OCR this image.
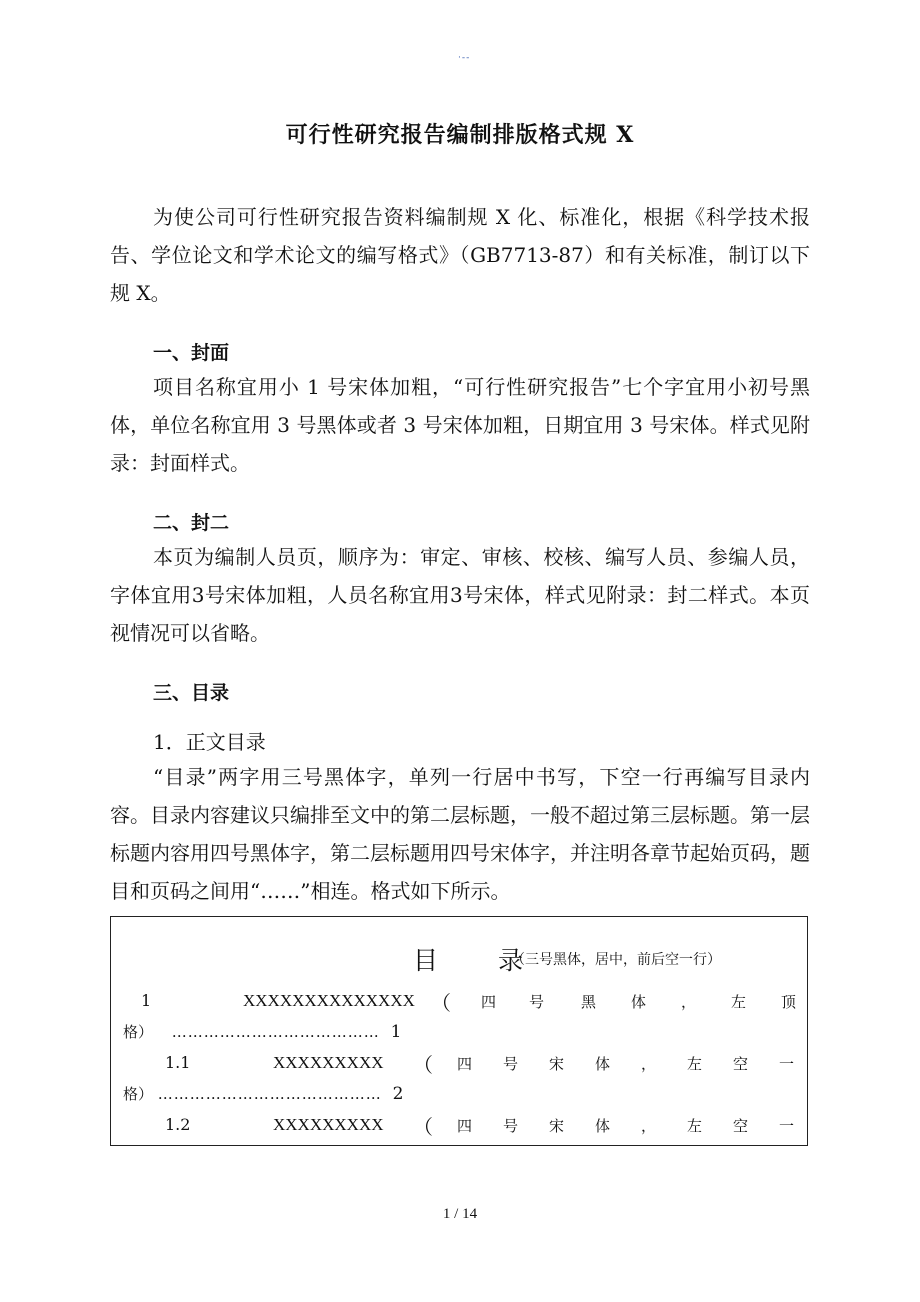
·--
可行性研究报告编制排版格式规 X

为使公司可行性研究报告资料编制规 X 化、标准化，根据《科学技术报告、学位论文和学术论文的编写格式》（GB7713-87）和有关标准，制订以下规 X。

一、封面

项目名称宜用小 1 号宋体加粗，“可行性研究报告”七个字宜用小初号黑体，单位名称宜用 3 号黑体或者 3 号宋体加粗，日期宜用 3 号宋体。样式见附录：封面样式。

二、封二

本页为编制人员页，顺序为：审定、审核、校核、编写人员、参编人员，字体宜用3号宋体加粗，人员名称宜用3号宋体，样式见附录：封二样式。本页视情况可以省略。

三、目录

1．正文目录

“目录”两字用三号黑体字，单列一行居中书写，下空一行再编写目录内容。目录内容建议只编排至文中的第二层标题，一般不超过第三层标题。第一层标题内容用四号黑体字，第二层标题用四号宋体字，并注明各章节起始页码，题目和页码之间用“……”相连。格式如下所示。

目 录
（三号黑体，居中，前后空一行）
1	XXXXXXXXXXXXXX （ 四 号 黑 体 ， 左 顶
格） ………………………………… 1
1.1	XXXXXXXXX （ 四 号 宋 体 ， 左 空 一
格） …………………………………… 2
1.2	XXXXXXXXX （ 四 号 宋 体 ， 左 空 一
1 / 14
